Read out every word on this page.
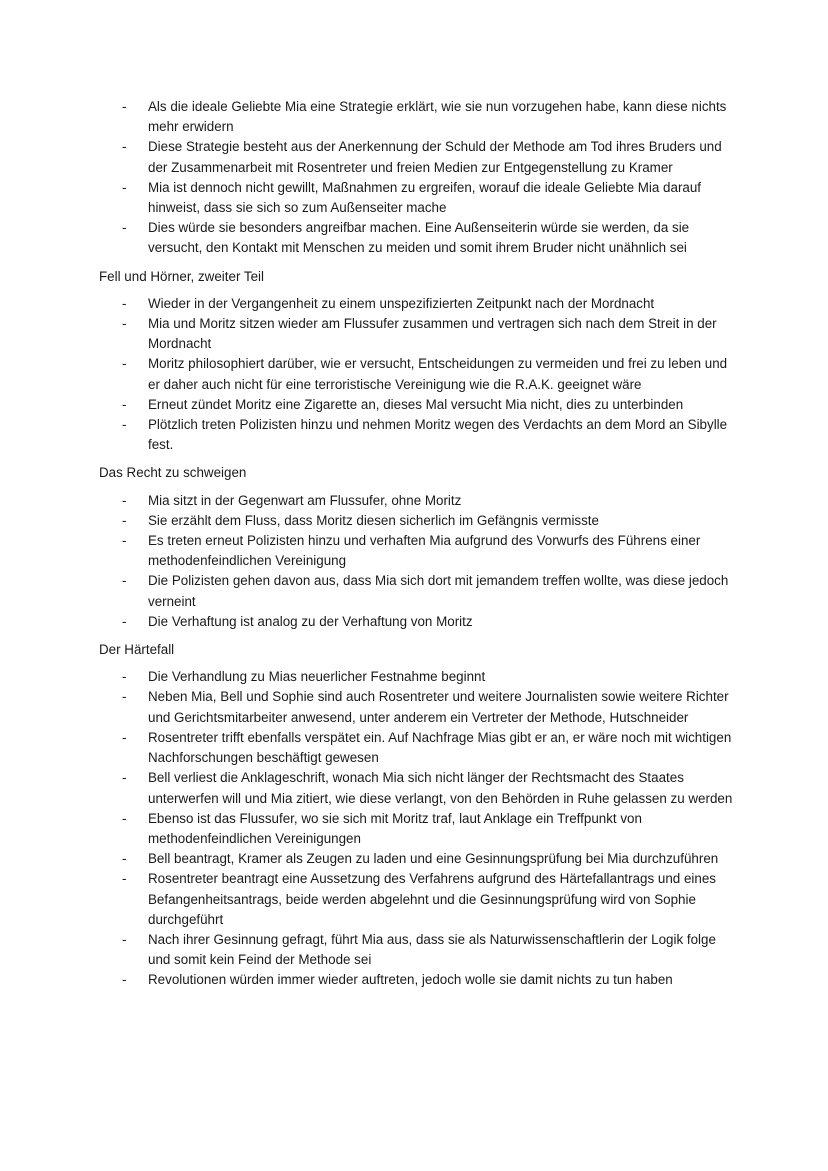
- Als die ideale Geliebte Mia eine Strategie erklärt, wie sie nun vorzugehen habe, kann diese nichts mehr erwidern
- Diese Strategie besteht aus der Anerkennung der Schuld der Methode am Tod ihres Bruders und der Zusammenarbeit mit Rosentreter und freien Medien zur Entgegenstellung zu Kramer
- Mia ist dennoch nicht gewillt, Maßnahmen zu ergreifen, worauf die ideale Geliebte Mia darauf hinweist, dass sie sich so zum Außenseiter mache
- Dies würde sie besonders angreifbar machen. Eine Außenseiterin würde sie werden, da sie versucht, den Kontakt mit Menschen zu meiden und somit ihrem Bruder nicht unähnlich sei

Fell und Hörner, zweiter Teil

- Wieder in der Vergangenheit zu einem unspezifizierten Zeitpunkt nach der Mordnacht
- Mia und Moritz sitzen wieder am Flussufer zusammen und vertragen sich nach dem Streit in der Mordnacht
- Moritz philosophiert darüber, wie er versucht, Entscheidungen zu vermeiden und frei zu leben und er daher auch nicht für eine terroristische Vereinigung wie die R.A.K. geeignet wäre
- Erneut zündet Moritz eine Zigarette an, dieses Mal versucht Mia nicht, dies zu unterbinden
- Plötzlich treten Polizisten hinzu und nehmen Moritz wegen des Verdachts an dem Mord an Sibylle fest.

Das Recht zu schweigen

- Mia sitzt in der Gegenwart am Flussufer, ohne Moritz
- Sie erzählt dem Fluss, dass Moritz diesen sicherlich im Gefängnis vermisste
- Es treten erneut Polizisten hinzu und verhaften Mia aufgrund des Vorwurfs des Führens einer methodenfeindlichen Vereinigung
- Die Polizisten gehen davon aus, dass Mia sich dort mit jemandem treffen wollte, was diese jedoch verneint
- Die Verhaftung ist analog zu der Verhaftung von Moritz

Der Härtefall

- Die Verhandlung zu Mias neuerlicher Festnahme beginnt
- Neben Mia, Bell und Sophie sind auch Rosentreter und weitere Journalisten sowie weitere Richter und Gerichtsmitarbeiter anwesend, unter anderem ein Vertreter der Methode, Hutschneider
- Rosentreter trifft ebenfalls verspätet ein. Auf Nachfrage Mias gibt er an, er wäre noch mit wichtigen Nachforschungen beschäftigt gewesen
- Bell verliest die Anklageschrift, wonach Mia sich nicht länger der Rechtsmacht des Staates unterwerfen will und Mia zitiert, wie diese verlangt, von den Behörden in Ruhe gelassen zu werden
- Ebenso ist das Flussufer, wo sie sich mit Moritz traf, laut Anklage ein Treffpunkt von methodenfeindlichen Vereinigungen
- Bell beantragt, Kramer als Zeugen zu laden und eine Gesinnungsprüfung bei Mia durchzuführen
- Rosentreter beantragt eine Aussetzung des Verfahrens aufgrund des Härtefallantrags und eines Befangenheitsantrags, beide werden abgelehnt und die Gesinnungsprüfung wird von Sophie durchgeführt
- Nach ihrer Gesinnung gefragt, führt Mia aus, dass sie als Naturwissenschaftlerin der Logik folge und somit kein Feind der Methode sei
- Revolutionen würden immer wieder auftreten, jedoch wolle sie damit nichts zu tun haben
